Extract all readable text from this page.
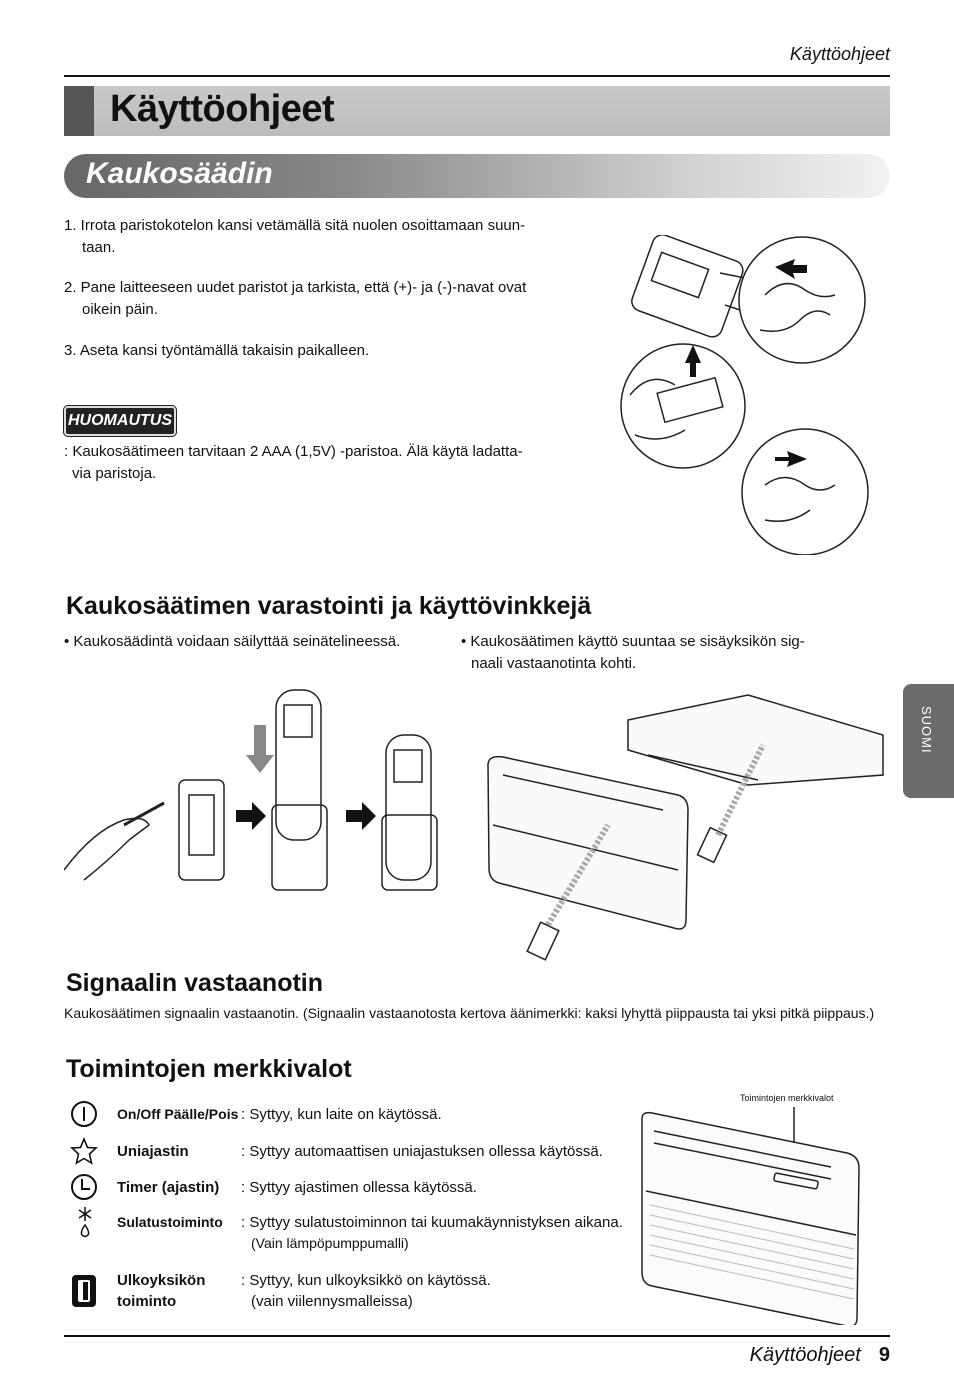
Käyttöohjeet
Käyttöohjeet
Kaukosäädin
1. Irrota paristokotelon kansi vetämällä sitä nuolen osoittamaan suun-
taan.
2. Pane laitteeseen uudet paristot ja tarkista, että (+)- ja (-)-navat ovat
oikein päin.
3. Aseta kansi työntämällä takaisin paikalleen.
HUOMAUTUS
: Kaukosäätimeen tarvitaan 2 AAA (1,5V) -paristoa. Älä käytä ladatta-
via paristoja.
Kaukosäätimen varastointi ja käyttövinkkejä
• Kaukosäädintä voidaan säilyttää seinätelineessä.	• Kaukosäätimen käyttö suuntaa se sisäyksikön sig-
naali vastaanotinta kohti.
Signaalin vastaanotin
Kaukosäätimen signaalin vastaanotin. (Signaalin vastaanotosta kertova äänimerkki: kaksi lyhyttä piippausta tai yksi pitkä piippaus.)
Toimintojen merkkivalot
On/Off Päälle/Pois : Syttyy, kun laite on käytössä.
Uniajastin	: Syttyy automaattisen uniajastuksen ollessa käytössä.
Timer (ajastin) : Syttyy ajastimen ollessa käytössä.
Sulatustoiminto : Syttyy sulatustoiminnon tai kuumakäynnistyksen aikana.
(Vain lämpöpumppumalli)
Ulkoyksikön
toiminto
: Syttyy, kun ulkoyksikkö on käytössä.
(vain viilennysmalleissa)
Toimintojen merkkivalot
SUOMI
Käyttöohjeet 9
